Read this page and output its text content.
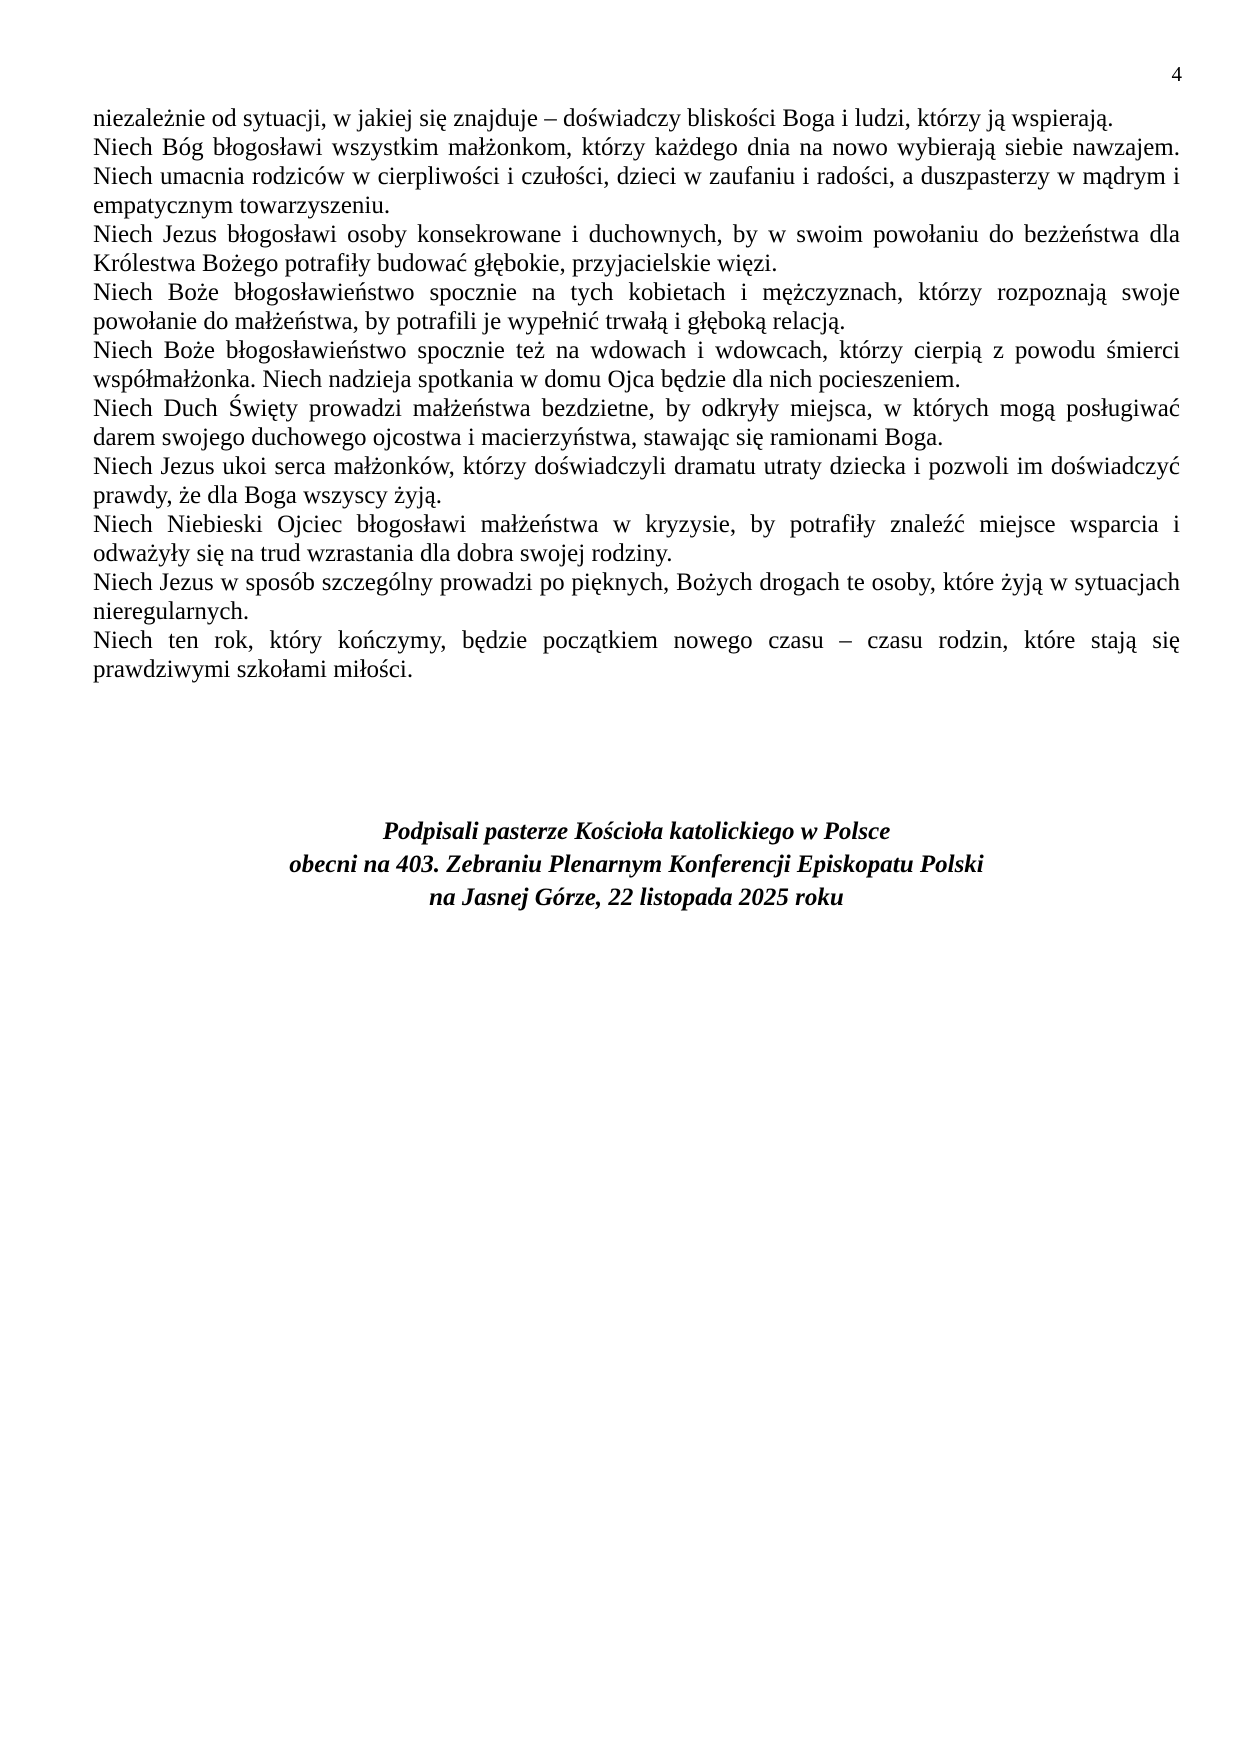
4

niezależnie od sytuacji, w jakiej się znajduje – doświadczy bliskości Boga i ludzi, którzy ją wspierają.

Niech Bóg błogosławi wszystkim małżonkom, którzy każdego dnia na nowo wybierają siebie nawzajem. Niech umacnia rodziców w cierpliwości i czułości, dzieci w zaufaniu i radości, a duszpasterzy w mądrym i empatycznym towarzyszeniu.

Niech Jezus błogosławi osoby konsekrowane i duchownych, by w swoim powołaniu do bezżeństwa dla Królestwa Bożego potrafiły budować głębokie, przyjacielskie więzi.

Niech Boże błogosławieństwo spocznie na tych kobietach i mężczyznach, którzy rozpoznają swoje powołanie do małżeństwa, by potrafili je wypełnić trwałą i głęboką relacją.

Niech Boże błogosławieństwo spocznie też na wdowach i wdowcach, którzy cierpią z powodu śmierci współmałżonka. Niech nadzieja spotkania w domu Ojca będzie dla nich pocieszeniem.

Niech Duch Święty prowadzi małżeństwa bezdzietne, by odkryły miejsca, w których mogą posługiwać darem swojego duchowego ojcostwa i macierzyństwa, stawając się ramionami Boga.

Niech Jezus ukoi serca małżonków, którzy doświadczyli dramatu utraty dziecka i pozwoli im doświadczyć prawdy, że dla Boga wszyscy żyją.

Niech Niebieski Ojciec błogosławi małżeństwa w kryzysie, by potrafiły znaleźć miejsce wsparcia i odważyły się na trud wzrastania dla dobra swojej rodziny.

Niech Jezus w sposób szczególny prowadzi po pięknych, Bożych drogach te osoby, które żyją w sytuacjach nieregularnych.

Niech ten rok, który kończymy, będzie początkiem nowego czasu – czasu rodzin, które stają się prawdziwymi szkołami miłości.

Podpisali pasterze Kościoła katolickiego w Polsce

obecni na 403. Zebraniu Plenarnym Konferencji Episkopatu Polski

na Jasnej Górze, 22 listopada 2025 roku
